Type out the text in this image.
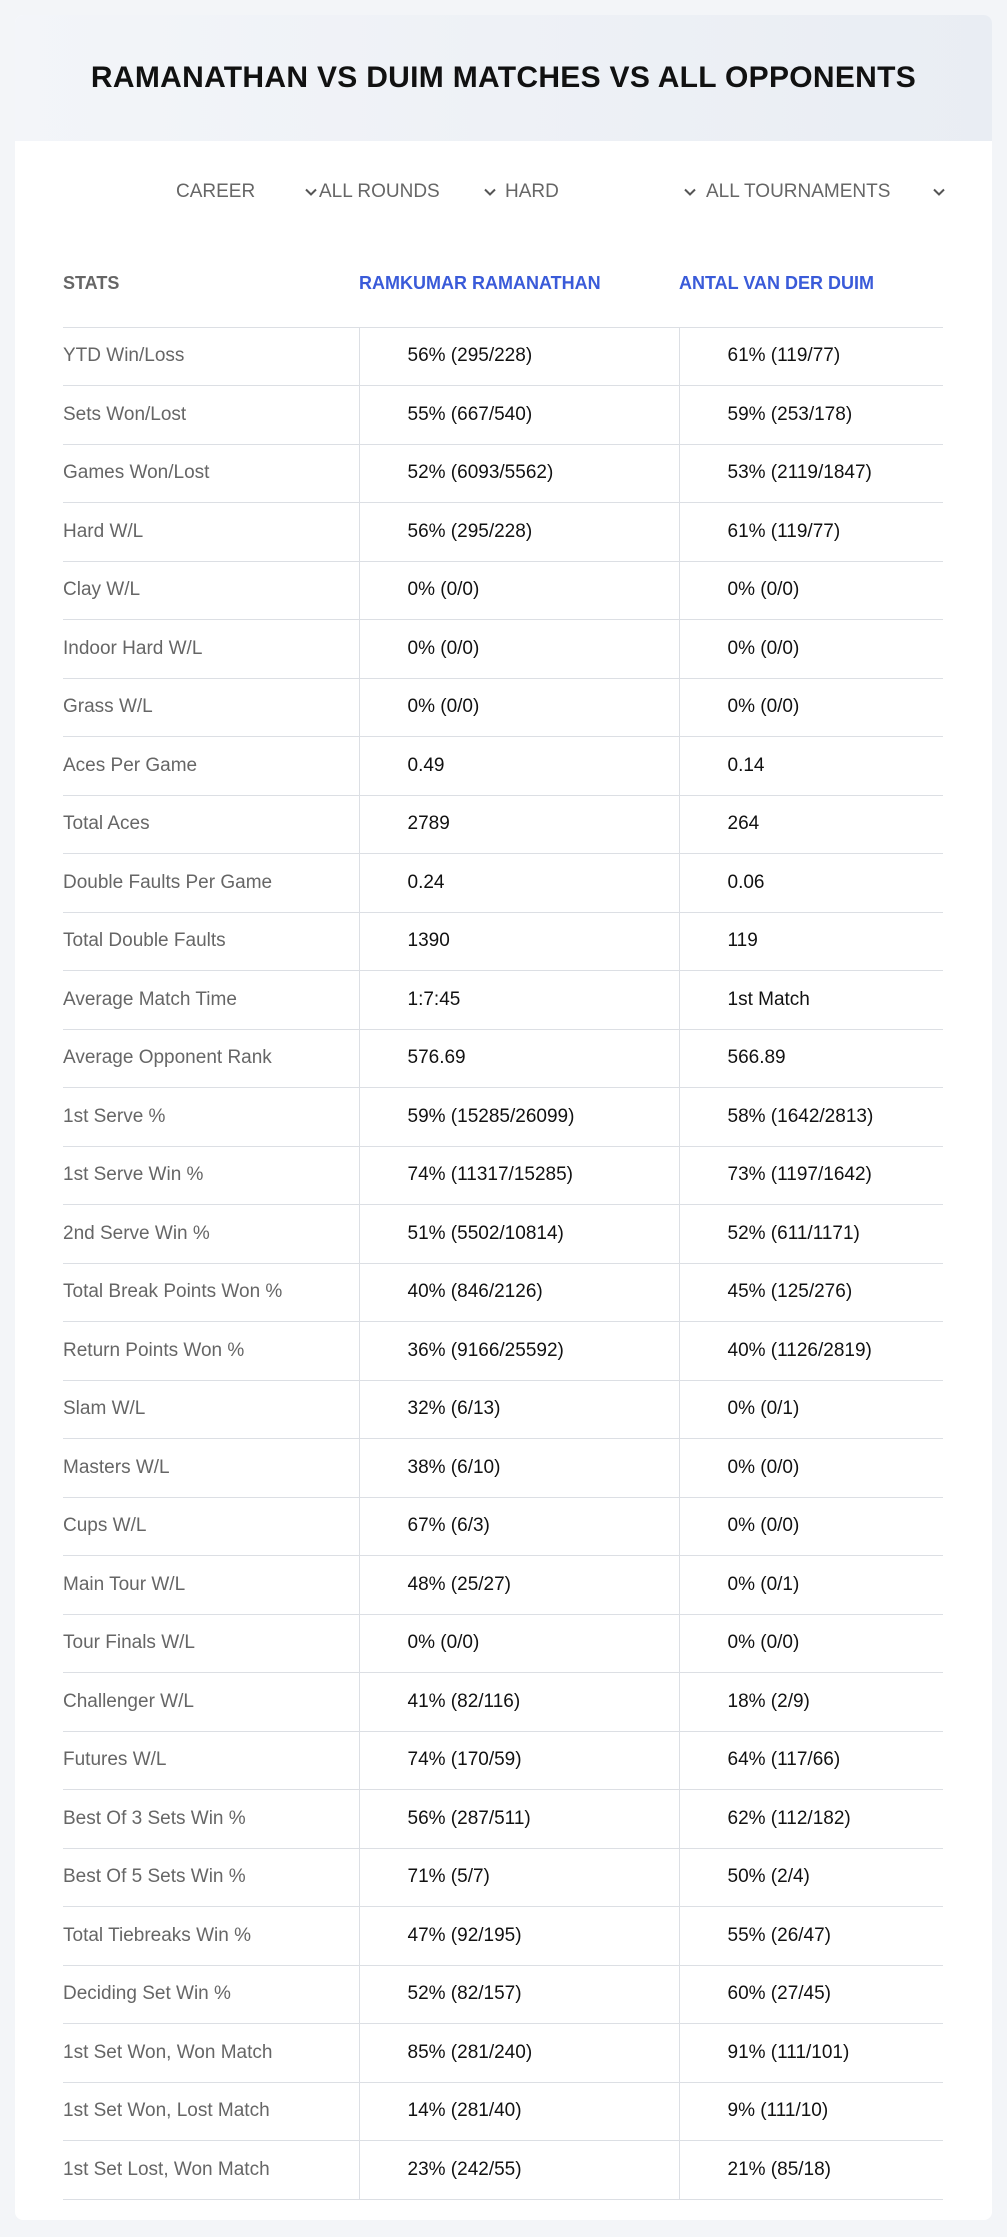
RAMANATHAN VS DUIM MATCHES VS ALL OPPONENTS
CAREER	ALL ROUNDS	HARD	ALL TOURNAMENTS
STATS	RAMKUMAR RAMANATHAN	ANTAL VAN DER DUIM
YTD Win/Loss	56% (295/228)	61% (119/77)
Sets Won/Lost	55% (667/540)	59% (253/178)
Games Won/Lost	52% (6093/5562)	53% (2119/1847)
Hard W/L	56% (295/228)	61% (119/77)
Clay W/L	0% (0/0)	0% (0/0)
Indoor Hard W/L	0% (0/0)	0% (0/0)
Grass W/L	0% (0/0)	0% (0/0)
Aces Per Game	0.49	0.14
Total Aces	2789	264
Double Faults Per Game	0.24	0.06
Total Double Faults	1390	119
Average Match Time	1:7:45	1st Match
Average Opponent Rank	576.69	566.89
1st Serve %	59% (15285/26099)	58% (1642/2813)
1st Serve Win %	74% (11317/15285)	73% (1197/1642)
2nd Serve Win %	51% (5502/10814)	52% (611/1171)
Total Break Points Won %	40% (846/2126)	45% (125/276)
Return Points Won %	36% (9166/25592)	40% (1126/2819)
Slam W/L	32% (6/13)	0% (0/1)
Masters W/L	38% (6/10)	0% (0/0)
Cups W/L	67% (6/3)	0% (0/0)
Main Tour W/L	48% (25/27)	0% (0/1)
Tour Finals W/L	0% (0/0)	0% (0/0)
Challenger W/L	41% (82/116)	18% (2/9)
Futures W/L	74% (170/59)	64% (117/66)
Best Of 3 Sets Win %	56% (287/511)	62% (112/182)
Best Of 5 Sets Win %	71% (5/7)	50% (2/4)
Total Tiebreaks Win %	47% (92/195)	55% (26/47)
Deciding Set Win %	52% (82/157)	60% (27/45)
1st Set Won, Won Match	85% (281/240)	91% (111/101)
1st Set Won, Lost Match	14% (281/40)	9% (111/10)
1st Set Lost, Won Match	23% (242/55)	21% (85/18)
